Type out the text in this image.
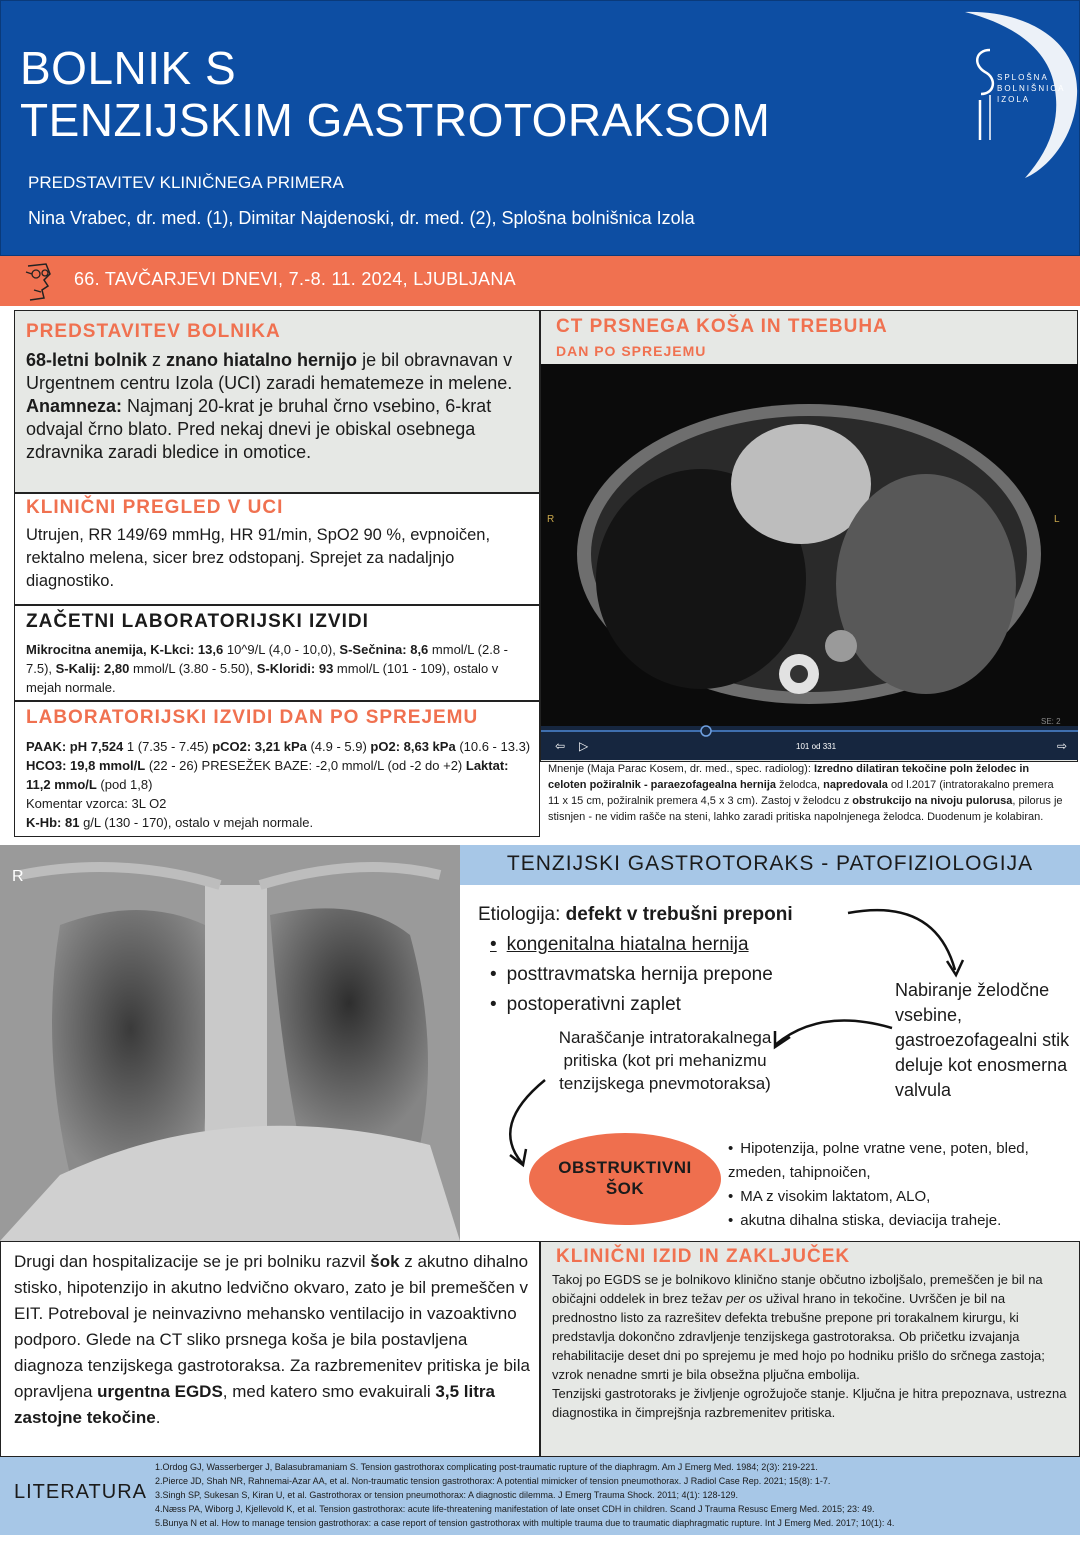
BOLNIK S
TENZIJSKIM GASTROTORAKSOM
PREDSTAVITEV KLINIČNEGA PRIMERA
Nina Vrabec, dr. med. (1), Dimitar Najdenoski, dr. med. (2), Splošna bolnišnica Izola
SPLOŠNA
BOLNIŠNICA
IZOLA
66. TAVČARJEVI DNEVI, 7.-8. 11. 2024, LJUBLJANA
PREDSTAVITEV BOLNIKA
68-letni bolnik z znano hiatalno hernijo je bil obravnavan v Urgentnem centru Izola (UCI) zaradi hematemeze in melene.
Anamneza: Najmanj 20-krat je bruhal črno vsebino, 6-krat odvajal črno blato. Pred nekaj dnevi je obiskal osebnega zdravnika zaradi bledice in omotice.
KLINIČNI PREGLED V UCI
Utrujen, RR 149/69 mmHg, HR 91/min, SpO2 90 %, evpnoičen, rektalno melena, sicer brez odstopanj. Sprejet za nadaljnjo diagnostiko.
ZAČETNI LABORATORIJSKI IZVIDI
Mikrocitna anemija, K-Lkci: 13,6 10^9/L (4,0 - 10,0), S-Sečnina: 8,6 mmol/L (2.8 - 7.5), S-Kalij: 2,80 mmol/L (3.80 - 5.50), S-Kloridi: 93 mmol/L (101 - 109), ostalo v mejah normale.
LABORATORIJSKI IZVIDI DAN PO SPREJEMU
PAAK: pH 7,524 1 (7.35 - 7.45) pCO2: 3,21 kPa (4.9 - 5.9) pO2: 8,63 kPa (10.6 - 13.3) HCO3: 19,8 mmol/L (22 - 26) PRESEŽEK BAZE: -2,0 mmol/L (od -2 do +2) Laktat: 11,2 mmo/L (pod 1,8)
Komentar vzorca: 3L O2
K-Hb: 81 g/L (130 - 170), ostalo v mejah normale.
CT PRSNEGA KOŠA IN TREBUHA
DAN PO SPREJEMU
R	L
SE: 2
⇦ ▷	101 od 331	⇨
Mnenje (Maja Parac Kosem, dr. med., spec. radiolog): Izredno dilatiran tekočine poln želodec in celoten požiralnik - paraezofagealna hernija želodca, napredovala od l.2017 (intratorakalno premera 11 x 15 cm, požiralnik premera 4,5 x 3 cm). Zastoj v želodcu z obstrukcijo na nivoju pulorusa, pilorus je stisnjen - ne vidim rašče na steni, lahko zaradi pritiska napolnjenega želodca. Duodenum je kolabiran.
R
TENZIJSKI GASTROTORAKS - PATOFIZIOLOGIJA
Etiologija: defekt v trebušni preponi
• kongenitalna hiatalna hernija
• posttravmatska hernija prepone
• postoperativni zaplet
Nabiranje želodčne vsebine, gastroezofagealni stik deluje kot enosmerna valvula
Naraščanje intratorakalnega pritiska (kot pri mehanizmu tenzijskega pnevmotoraksa)
OBSTRUKTIVNI
ŠOK
• Hipotenzija, polne vratne vene, poten, bled, zmeden, tahipnoičen,
• MA z visokim laktatom, ALO,
• akutna dihalna stiska, deviacija traheje.
Drugi dan hospitalizacije se je pri bolniku razvil šok z akutno dihalno stisko, hipotenzijo in akutno ledvično okvaro, zato je bil premeščen v EIT. Potreboval je neinvazivno mehansko ventilacijo in vazoaktivno podporo. Glede na CT sliko prsnega koša je bila postavljena diagnoza tenzijskega gastrotoraksa. Za razbremenitev pritiska je bila opravljena urgentna EGDS, med katero smo evakuirali 3,5 litra zastojne tekočine.
KLINIČNI IZID IN ZAKLJUČEK
Takoj po EGDS se je bolnikovo klinično stanje občutno izboljšalo, premeščen je bil na običajni oddelek in brez težav per os užival hrano in tekočine. Uvrščen je bil na prednostno listo za razrešitev defekta trebušne prepone pri torakalnem kirurgu, ki predstavlja dokončno zdravljenje tenzijskega gastrotoraksa. Ob pričetku izvajanja rehabilitacije deset dni po sprejemu je med hojo po hodniku prišlo do srčnega zastoja; vzrok nenadne smrti je bila obsežna pljučna embolija.
Tenzijski gastrotoraks je življenje ogrožujoče stanje. Ključna je hitra prepoznava, ustrezna diagnostika in čimprejšnja razbremenitev pritiska.
LITERATURA
1.Ordog GJ, Wasserberger J, Balasubramaniam S. Tension gastrothorax complicating post-traumatic rupture of the diaphragm. Am J Emerg Med. 1984; 2(3): 219-221.
2.Pierce JD, Shah NR, Rahnemai-Azar AA, et al. Non-traumatic tension gastrothorax: A potential mimicker of tension pneumothorax. J Radiol Case Rep. 2021; 15(8): 1-7.
3.Singh SP, Sukesan S, Kiran U, et al. Gastrothorax or tension pneumothorax: A diagnostic dilemma. J Emerg Trauma Shock. 2011; 4(1): 128-129.
4.Næss PA, Wiborg J, Kjellevold K, et al. Tension gastrothorax: acute life-threatening manifestation of late onset CDH in children. Scand J Trauma Resusc Emerg Med. 2015; 23: 49.
5.Bunya N et al. How to manage tension gastrothorax: a case report of tension gastrothorax with multiple trauma due to traumatic diaphragmatic rupture. Int J Emerg Med. 2017; 10(1): 4.
